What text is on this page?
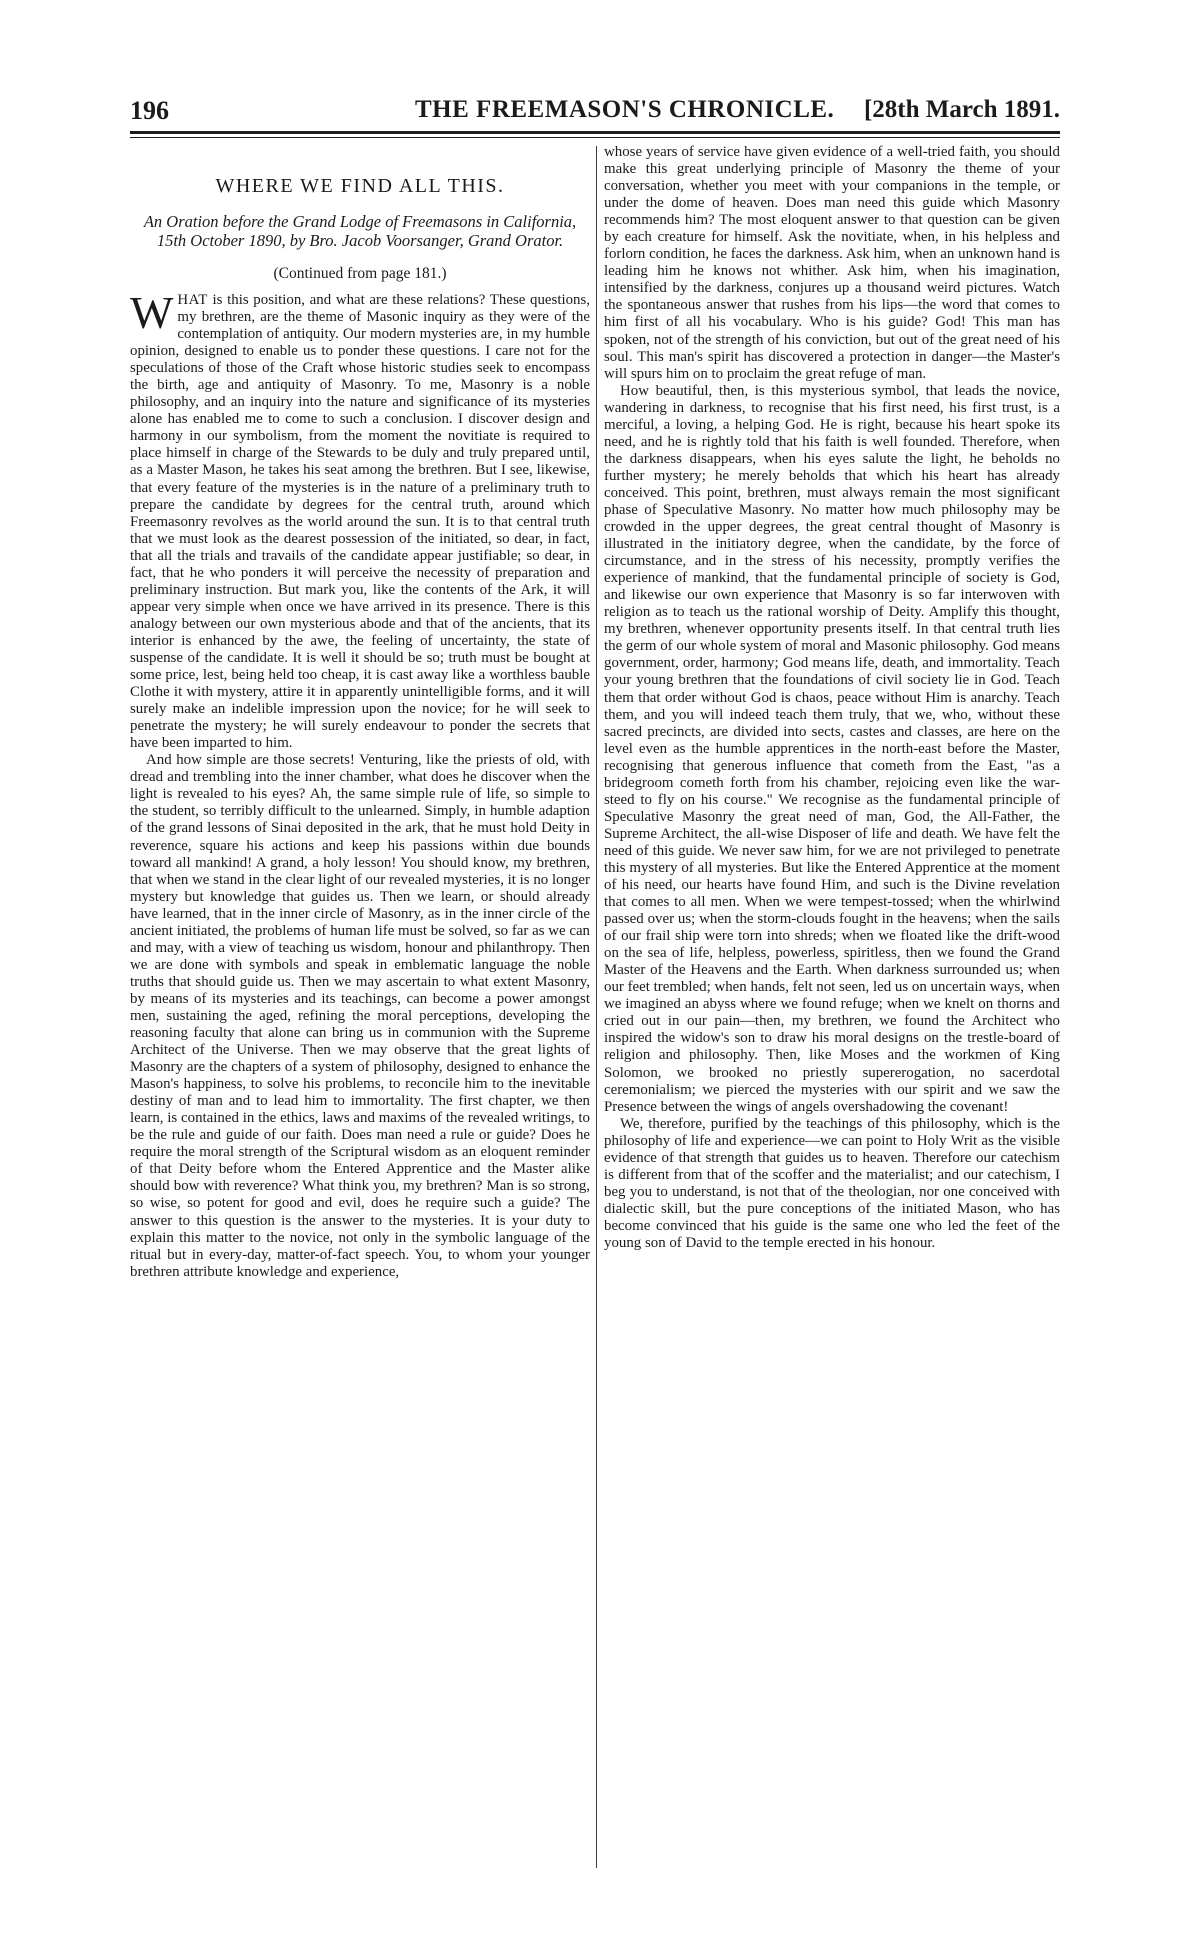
196	THE FREEMASON'S CHRONICLE. [28th March 1891.
WHERE WE FIND ALL THIS.
An Oration before the Grand Lodge of Freemasons in California, 15th October 1890, by Bro. Jacob Voorsanger, Grand Orator.
(Continued from page 181.)

WHAT is this position, and what are these relations? These questions, my brethren, are the theme of Masonic inquiry as they were of the contemplation of antiquity. Our modern mysteries are, in my humble opinion, designed to enable us to ponder these questions. I care not for the speculations of those of the Craft whose historic studies seek to encompass the birth, age and antiquity of Masonry. To me, Masonry is a noble philosophy, and an inquiry into the nature and significance of its mysteries alone has enabled me to come to such a conclusion. I discover design and harmony in our symbolism, from the moment the novitiate is required to place himself in charge of the Stewards to be duly and truly prepared until, as a Master Mason, he takes his seat among the brethren. But I see, likewise, that every feature of the mysteries is in the nature of a preliminary truth to prepare the candidate by degrees for the central truth, around which Freemasonry revolves as the world around the sun. It is to that central truth that we must look as the dearest possession of the initiated, so dear, in fact, that all the trials and travails of the candidate appear justifiable; so dear, in fact, that he who ponders it will perceive the necessity of preparation and preliminary instruction. But mark you, like the contents of the Ark, it will appear very simple when once we have arrived in its presence. There is this analogy between our own mysterious abode and that of the ancients, that its interior is enhanced by the awe, the feeling of uncertainty, the state of suspense of the candidate. It is well it should be so; truth must be bought at some price, lest, being held too cheap, it is cast away like a worthless bauble Clothe it with mystery, attire it in apparently unintelligible forms, and it will surely make an indelible impression upon the novice; for he will seek to penetrate the mystery; he will surely endeavour to ponder the secrets that have been imparted to him.

And how simple are those secrets! Venturing, like the priests of old, with dread and trembling into the inner chamber, what does he discover when the light is revealed to his eyes? Ah, the same simple rule of life, so simple to the student, so terribly difficult to the unlearned. Simply, in humble adaption of the grand lessons of Sinai deposited in the ark, that he must hold Deity in reverence, square his actions and keep his passions within due bounds toward all mankind! A grand, a holy lesson! You should know, my brethren, that when we stand in the clear light of our revealed mysteries, it is no longer mystery but knowledge that guides us. Then we learn, or should already have learned, that in the inner circle of Masonry, as in the inner circle of the ancient initiated, the problems of human life must be solved, so far as we can and may, with a view of teaching us wisdom, honour and philanthropy. Then we are done with symbols and speak in emblematic language the noble truths that should guide us. Then we may ascertain to what extent Masonry, by means of its mysteries and its teachings, can become a power amongst men, sustaining the aged, refining the moral perceptions, developing the reasoning faculty that alone can bring us in communion with the Supreme Architect of the Universe. Then we may observe that the great lights of Masonry are the chapters of a system of philosophy, designed to enhance the Mason's happiness, to solve his problems, to reconcile him to the inevitable destiny of man and to lead him to immortality. The first chapter, we then learn, is contained in the ethics, laws and maxims of the revealed writings, to be the rule and guide of our faith. Does man need a rule or guide? Does he require the moral strength of the Scriptural wisdom as an eloquent reminder of that Deity before whom the Entered Apprentice and the Master alike should bow with reverence? What think you, my brethren? Man is so strong, so wise, so potent for good and evil, does he require such a guide? The answer to this question is the answer to the mysteries. It is your duty to explain this matter to the novice, not only in the symbolic language of the ritual but in every-day, matter-of-fact speech. You, to whom your younger brethren attribute knowledge and experience,

whose years of service have given evidence of a well-tried faith, you should make this great underlying principle of Masonry the theme of your conversation, whether you meet with your companions in the temple, or under the dome of heaven. Does man need this guide which Masonry recommends him? The most eloquent answer to that question can be given by each creature for himself. Ask the novitiate, when, in his helpless and forlorn condition, he faces the darkness. Ask him, when an unknown hand is leading him he knows not whither. Ask him, when his imagination, intensified by the darkness, conjures up a thousand weird pictures. Watch the spontaneous answer that rushes from his lips—the word that comes to him first of all his vocabulary. Who is his guide? God! This man has spoken, not of the strength of his conviction, but out of the great need of his soul. This man's spirit has discovered a protection in danger—the Master's will spurs him on to proclaim the great refuge of man.

How beautiful, then, is this mysterious symbol, that leads the novice, wandering in darkness, to recognise that his first need, his first trust, is a merciful, a loving, a helping God. He is right, because his heart spoke its need, and he is rightly told that his faith is well founded. Therefore, when the darkness disappears, when his eyes salute the light, he beholds no further mystery; he merely beholds that which his heart has already conceived. This point, brethren, must always remain the most significant phase of Speculative Masonry. No matter how much philosophy may be crowded in the upper degrees, the great central thought of Masonry is illustrated in the initiatory degree, when the candidate, by the force of circumstance, and in the stress of his necessity, promptly verifies the experience of mankind, that the fundamental principle of society is God, and likewise our own experience that Masonry is so far interwoven with religion as to teach us the rational worship of Deity. Amplify this thought, my brethren, whenever opportunity presents itself. In that central truth lies the germ of our whole system of moral and Masonic philosophy. God means government, order, harmony; God means life, death, and immortality. Teach your young brethren that the foundations of civil society lie in God. Teach them that order without God is chaos, peace without Him is anarchy. Teach them, and you will indeed teach them truly, that we, who, without these sacred precincts, are divided into sects, castes and classes, are here on the level even as the humble apprentices in the north-east before the Master, recognising that generous influence that cometh from the East, "as a bridegroom cometh forth from his chamber, rejoicing even like the war-steed to fly on his course." We recognise as the fundamental principle of Speculative Masonry the great need of man, God, the All-Father, the Supreme Architect, the all-wise Disposer of life and death. We have felt the need of this guide. We never saw him, for we are not privileged to penetrate this mystery of all mysteries. But like the Entered Apprentice at the moment of his need, our hearts have found Him, and such is the Divine revelation that comes to all men. When we were tempest-tossed; when the whirlwind passed over us; when the storm-clouds fought in the heavens; when the sails of our frail ship were torn into shreds; when we floated like the drift-wood on the sea of life, helpless, powerless, spiritless, then we found the Grand Master of the Heavens and the Earth. When darkness surrounded us; when our feet trembled; when hands, felt not seen, led us on uncertain ways, when we imagined an abyss where we found refuge; when we knelt on thorns and cried out in our pain—then, my brethren, we found the Architect who inspired the widow's son to draw his moral designs on the trestle-board of religion and philosophy. Then, like Moses and the workmen of King Solomon, we brooked no priestly supererogation, no sacerdotal ceremonialism; we pierced the mysteries with our spirit and we saw the Presence between the wings of angels overshadowing the covenant!

We, therefore, purified by the teachings of this philosophy, which is the philosophy of life and experience—we can point to Holy Writ as the visible evidence of that strength that guides us to heaven. Therefore our catechism is different from that of the scoffer and the materialist; and our catechism, I beg you to understand, is not that of the theologian, nor one conceived with dialectic skill, but the pure conceptions of the initiated Mason, who has become convinced that his guide is the same one who led the feet of the young son of David to the temple erected in his honour.
